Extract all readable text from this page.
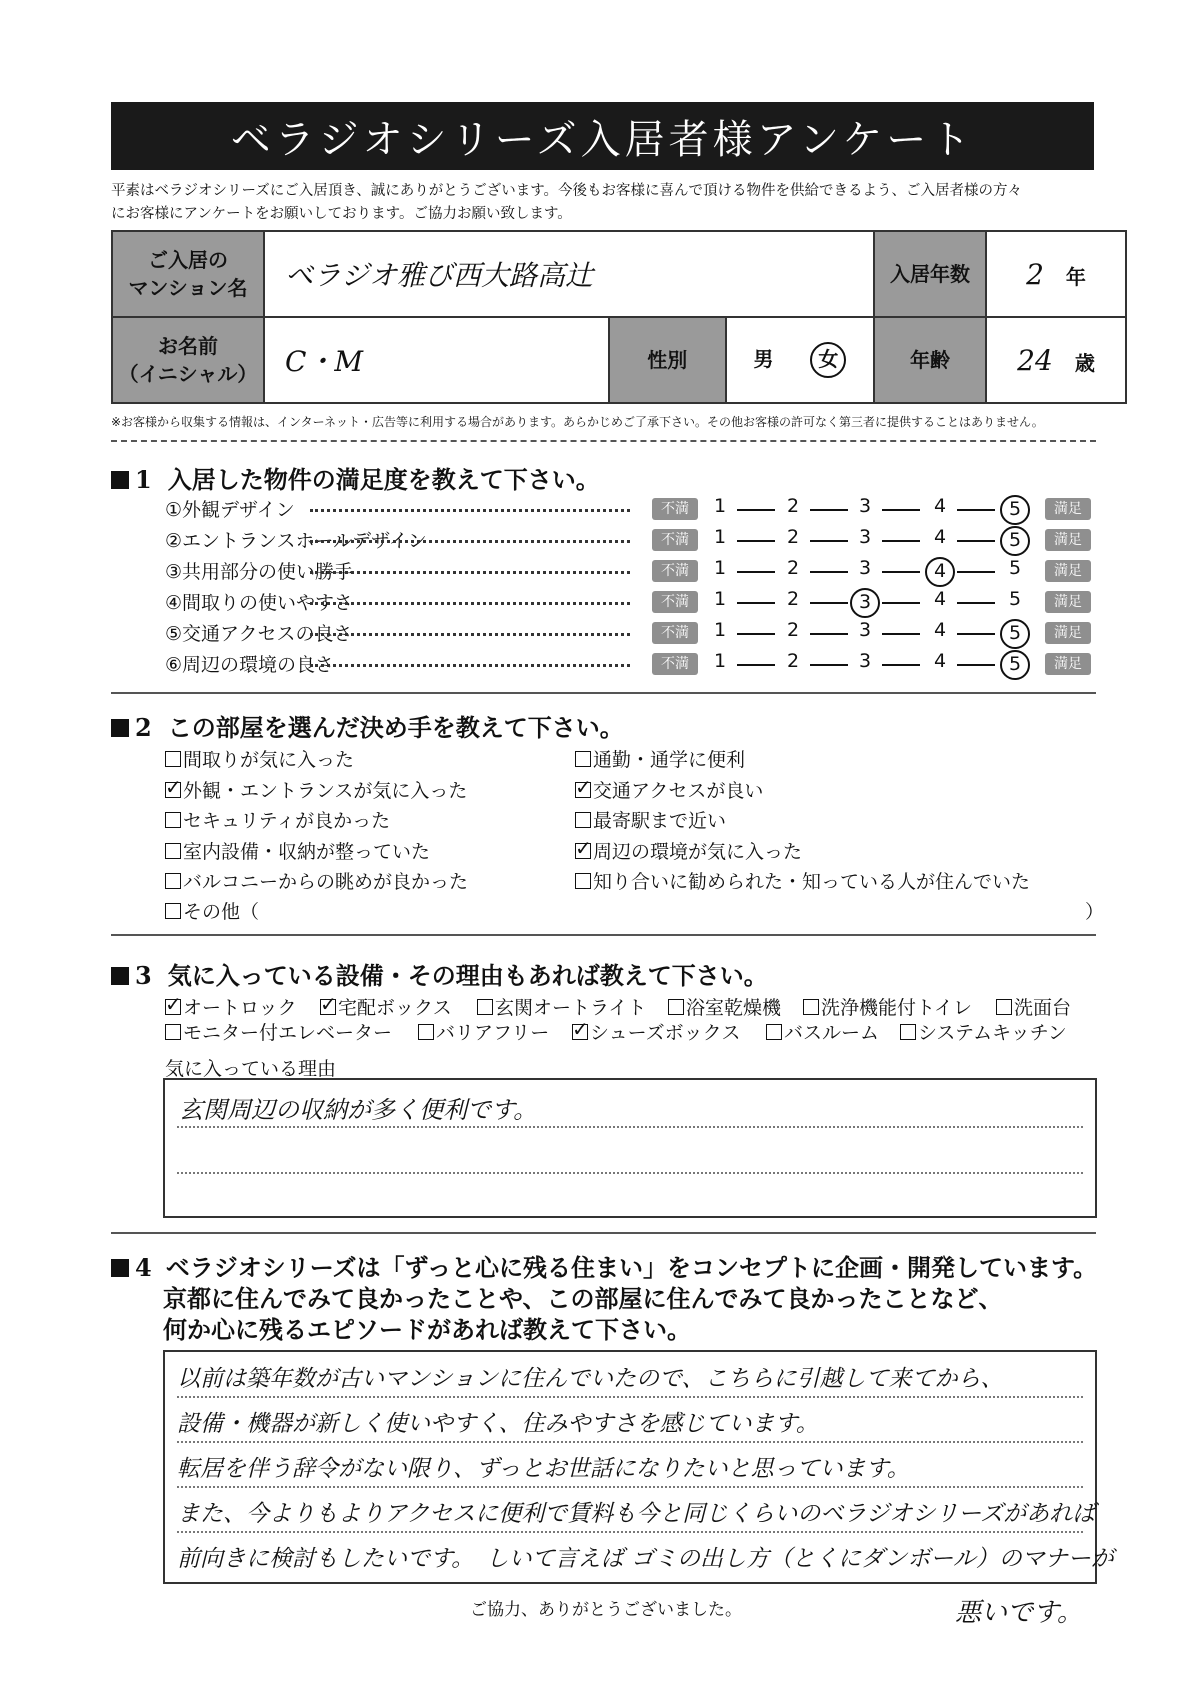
ベラジオシリーズ入居者様アンケート
平素はベラジオシリーズにご入居頂き、誠にありがとうございます。今後もお客様に喜んで頂ける物件を供給できるよう、ご入居者様の方々
にお客様にアンケートをお願いしております。ご協力お願い致します。
ご入居の
マンション名	ベラジオ雅び西大路高辻			入居年数	2 年

お名前
（イニシャル）	C・M	性別	男 女	年齢	24 歳
※お客様から収集する情報は、インターネット・広告等に利用する場合があります。あらかじめご了承下さい。その他お客様の許可なく第三者に提供することはありません。
1 入居した物件の満足度を教えて下さい。
①外観デザイン	不満	1	2	3	4	5	満足
②エントランスホールデザイン	不満	1	2	3	4	5	満足
③共用部分の使い勝手	不満	1	2	3	4	5	満足
④間取りの使いやすさ	不満	1	2	3	4	5	満足
⑤交通アクセスの良さ	不満	1	2	3	4	5	満足
⑥周辺の環境の良さ	不満	1	2	3	4	5	満足
2 この部屋を選んだ決め手を教えて下さい。
間取りが気に入った
✓外観・エントランスが気に入った
セキュリティが良かった
室内設備・収納が整っていた
バルコニーからの眺めが良かった
通勤・通学に便利
✓交通アクセスが良い
最寄駅まで近い
✓周辺の環境が気に入った
知り合いに勧められた・知っている人が住んでいた
その他（	）
3 気に入っている設備・その理由もあれば教えて下さい。
✓オートロック ✓	宅配ボックス	玄関オートライト	浴室乾燥機	洗浄機能付トイレ	洗面台
モニター付エレベーター	バリアフリー ✓	シューズボックス	バスルーム	システムキッチン
気に入っている理由
玄関周辺の収納が多く便利です。
4 ベラジオシリーズは「ずっと心に残る住まい」をコンセプトに企画・開発しています。
京都に住んでみて良かったことや、この部屋に住んでみて良かったことなど、
何か心に残るエピソードがあれば教えて下さい。
以前は築年数が古いマンションに住んでいたので、こちらに引越して来てから、
設備・機器が新しく使いやすく、住みやすさを感じています。
転居を伴う辞令がない限り、ずっとお世話になりたいと思っています。
また、今よりもよりアクセスに便利で賃料も今と同じくらいのベラジオシリーズがあれば
前向きに検討もしたいです。　しいて言えば ゴミの出し方（とくにダンボール）のマナーが
悪いです。
ご協力、ありがとうございました。
